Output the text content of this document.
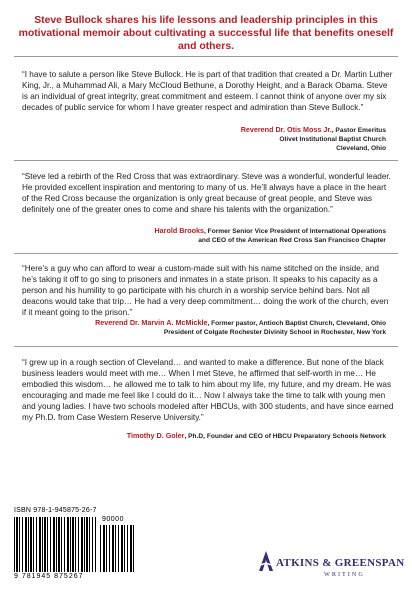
Steve Bullock shares his life lessons and leadership principles in this motivational memoir about cultivating a successful life that benefits oneself and others.
“I have to salute a person like Steve Bullock. He is part of that tradition that created a Dr. Martin Luther King, Jr., a Muhammad Ali, a Mary McCloud Bethune, a Dorothy Height, and a Barack Obama. Steve is an individual of great integrity, great commitment and esteem. I cannot think of anyone over my six decades of public service for whom I have greater respect and admiration than Steve Bullock.”
Reverend Dr. Otis Moss Jr., Pastor Emeritus
Olivet Institutional Baptist Church
Cleveland, Ohio
“Steve led a rebirth of the Red Cross that was extraordinary. Steve was a wonderful, wonderful leader. He provided excellent inspiration and mentoring to many of us. He’ll always have a place in the heart of the Red Cross because the organization is only great because of great people, and Steve was definitely one of the greater ones to come and share his talents with the organization.”
Harold Brooks, Former Senior Vice President of International Operations
and CEO of the American Red Cross San Francisco Chapter
“Here’s a guy who can afford to wear a custom-made suit with his name stitched on the inside, and he’s taking it off to go sing to prisoners and inmates in a state prison. It speaks to his capacity as a person and his humility to go participate with his church in a worship service behind bars. Not all deacons would take that trip… He had a very deep commitment… doing the work of the church, even if it meant going to the prison.”
Reverend Dr. Marvin A. McMickle, Former pastor, Antioch Baptist Church, Cleveland, Ohio
President of Colgate Rochester Divinity School in Rochester, New York
“I grew up in a rough section of Cleveland… and wanted to make a difference. But none of the black business leaders would meet with me… When I met Steve, he affirmed that self-worth in me… He embodied this wisdom… he allowed me to talk to him about my life, my future, and my dream. He was encouraging and made me feel like I could do it… Now I always take the time to talk with young men and young ladies. I have two schools modeled after HBCUs, with 300 students, and have since earned my Ph.D. from Case Western Reserve University.”
Timothy D. Goler, Ph.D, Founder and CEO of HBCU Preparatory Schools Network
ISBN 978-1-945875-26-7
90000
9 781945 875267
ATKINS & GREENSPAN
WRITING
